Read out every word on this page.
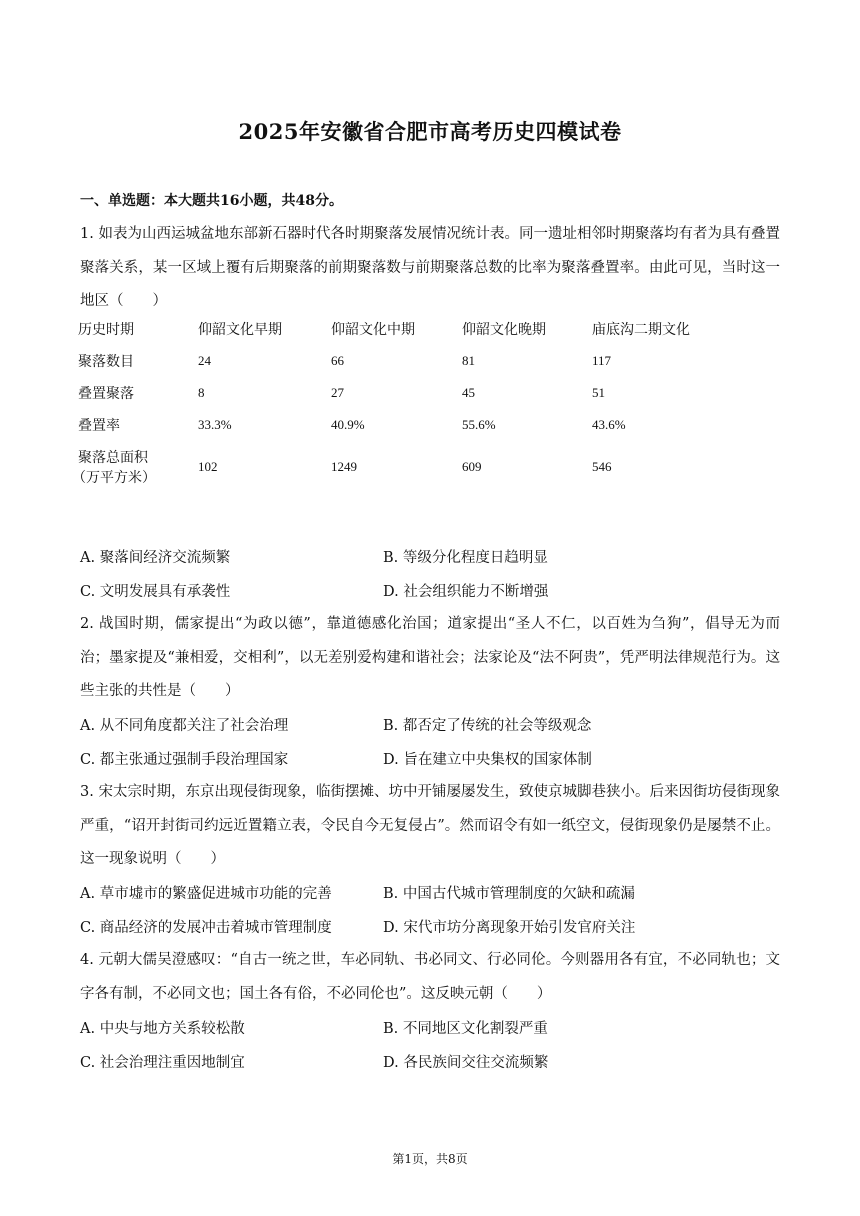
2025年安徽省合肥市高考历史四模试卷
一、单选题：本大题共16小题，共48分。
1. 如表为山西运城盆地东部新石器时代各时期聚落发展情况统计表。同一遗址相邻时期聚落均有者为具有叠置聚落关系，某一区域上覆有后期聚落的前期聚落数与前期聚落总数的比率为聚落叠置率。由此可见，当时这一地区（　　）
历史时期	仰韶文化早期	仰韶文化中期	仰韶文化晚期	庙底沟二期文化
聚落数目	24	66	81	117
叠置聚落	8	27	45	51
叠置率	33.3%	40.9%	55.6%	43.6%

聚落总面积
（万平方米）	102	1249	609	546
A. 聚落间经济交流频繁	B. 等级分化程度日趋明显
C. 文明发展具有承袭性	D. 社会组织能力不断增强
2. 战国时期，儒家提出“为政以德”，靠道德感化治国；道家提出“圣人不仁，以百姓为刍狗”，倡导无为而治；墨家提及“兼相爱，交相利”，以无差别爱构建和谐社会；法家论及“法不阿贵”，凭严明法律规范行为。这些主张的共性是（　　）
A. 从不同角度都关注了社会治理	B. 都否定了传统的社会等级观念
C. 都主张通过强制手段治理国家	D. 旨在建立中央集权的国家体制
3. 宋太宗时期，东京出现侵街现象，临街摆摊、坊中开铺屡屡发生，致使京城脚巷狭小。后来因街坊侵街现象严重，“诏开封街司约远近置籍立表，令民自今无复侵占”。然而诏令有如一纸空文，侵街现象仍是屡禁不止。这一现象说明（　　）
A. 草市墟市的繁盛促进城市功能的完善	B. 中国古代城市管理制度的欠缺和疏漏
C. 商品经济的发展冲击着城市管理制度	D. 宋代市坊分离现象开始引发官府关注
4. 元朝大儒吴澄感叹：“自古一统之世，车必同轨、书必同文、行必同伦。今则器用各有宜，不必同轨也；文字各有制，不必同文也；国土各有俗，不必同伦也”。这反映元朝（　　）
A. 中央与地方关系较松散	B. 不同地区文化割裂严重
C. 社会治理注重因地制宜	D. 各民族间交往交流频繁
第1页，共8页
